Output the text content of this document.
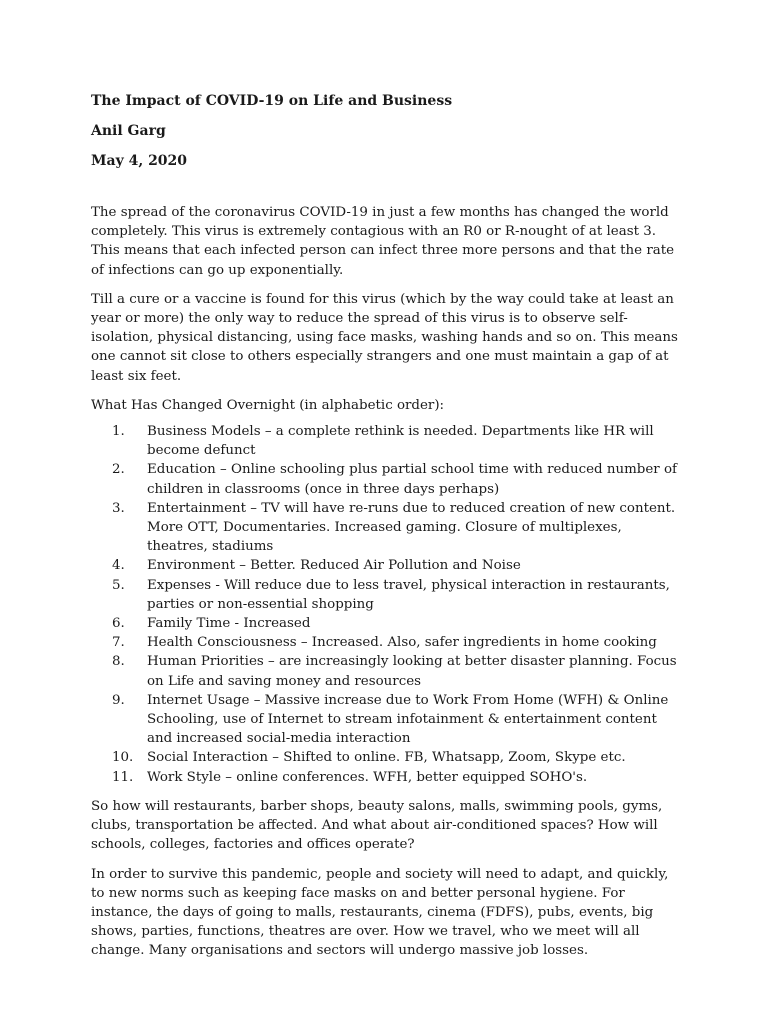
The Impact of COVID-19 on Life and Business
Anil Garg
May 4, 2020

The spread of the coronavirus COVID-19 in just a few months has changed the world completely. This virus is extremely contagious with an R0 or R-nought of at least 3. This means that each infected person can infect three more persons and that the rate of infections can go up exponentially.

Till a cure or a vaccine is found for this virus (which by the way could take at least an year or more) the only way to reduce the spread of this virus is to observe self-isolation, physical distancing, using face masks, washing hands and so on. This means one cannot sit close to others especially strangers and one must maintain a gap of at least six feet.

What Has Changed Overnight (in alphabetic order):

1.	Business Models – a complete rethink is needed. Departments like HR will become defunct
2.	Education – Online schooling plus partial school time with reduced number of children in classrooms (once in three days perhaps)
3.	Entertainment – TV will have re-runs due to reduced creation of new content. More OTT, Documentaries. Increased gaming. Closure of multiplexes, theatres, stadiums
4.	Environment – Better. Reduced Air Pollution and Noise
5.	Expenses - Will reduce due to less travel, physical interaction in restaurants, parties or non-essential shopping
6.	Family Time - Increased
7.	Health Consciousness – Increased. Also, safer ingredients in home cooking
8.	Human Priorities – are increasingly looking at better disaster planning. Focus on Life and saving money and resources
9.	Internet Usage – Massive increase due to Work From Home (WFH) & Online Schooling, use of Internet to stream infotainment & entertainment content and increased social-media interaction
10.	Social Interaction – Shifted to online. FB, Whatsapp, Zoom, Skype etc.
11.	Work Style – online conferences. WFH, better equipped SOHO's.

So how will restaurants, barber shops, beauty salons, malls, swimming pools, gyms, clubs, transportation be affected. And what about air-conditioned spaces? How will schools, colleges, factories and offices operate?

In order to survive this pandemic, people and society will need to adapt, and quickly, to new norms such as keeping face masks on and better personal hygiene. For instance, the days of going to malls, restaurants, cinema (FDFS), pubs, events, big shows, parties, functions, theatres are over. How we travel, who we meet will all change. Many organisations and sectors will undergo massive job losses.
